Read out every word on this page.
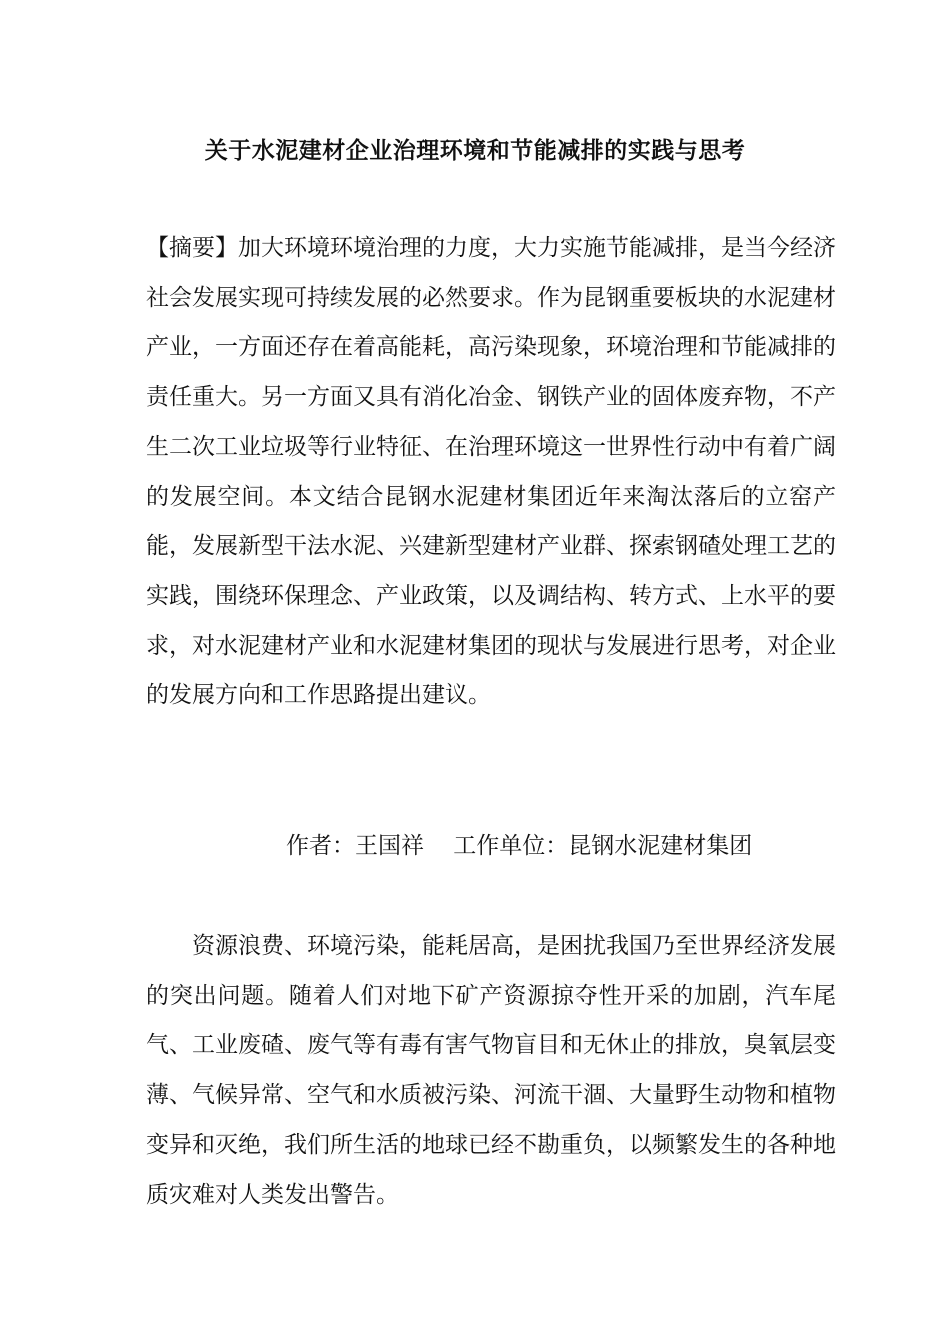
关于水泥建材企业治理环境和节能减排的实践与思考
【摘要】加大环境环境治理的力度，大力实施节能减排，是当今经济社会发展实现可持续发展的必然要求。作为昆钢重要板块的水泥建材产业，一方面还存在着高能耗，高污染现象，环境治理和节能减排的责任重大。另一方面又具有消化冶金、钢铁产业的固体废弃物，不产生二次工业垃圾等行业特征、在治理环境这一世界性行动中有着广阔的发展空间。本文结合昆钢水泥建材集团近年来淘汰落后的立窑产能，发展新型干法水泥、兴建新型建材产业群、探索钢碴处理工艺的实践，围绕环保理念、产业政策，以及调结构、转方式、上水平的要求，对水泥建材产业和水泥建材集团的现状与发展进行思考，对企业的发展方向和工作思路提出建议。
作者：王国祥    工作单位：昆钢水泥建材集团
资源浪费、环境污染，能耗居高，是困扰我国乃至世界经济发展的突出问题。随着人们对地下矿产资源掠夺性开采的加剧，汽车尾气、工业废碴、废气等有毒有害气物盲目和无休止的排放，臭氧层变薄、气候异常、空气和水质被污染、河流干涸、大量野生动物和植物变异和灭绝，我们所生活的地球已经不勘重负，以频繁发生的各种地质灾难对人类发出警告。
